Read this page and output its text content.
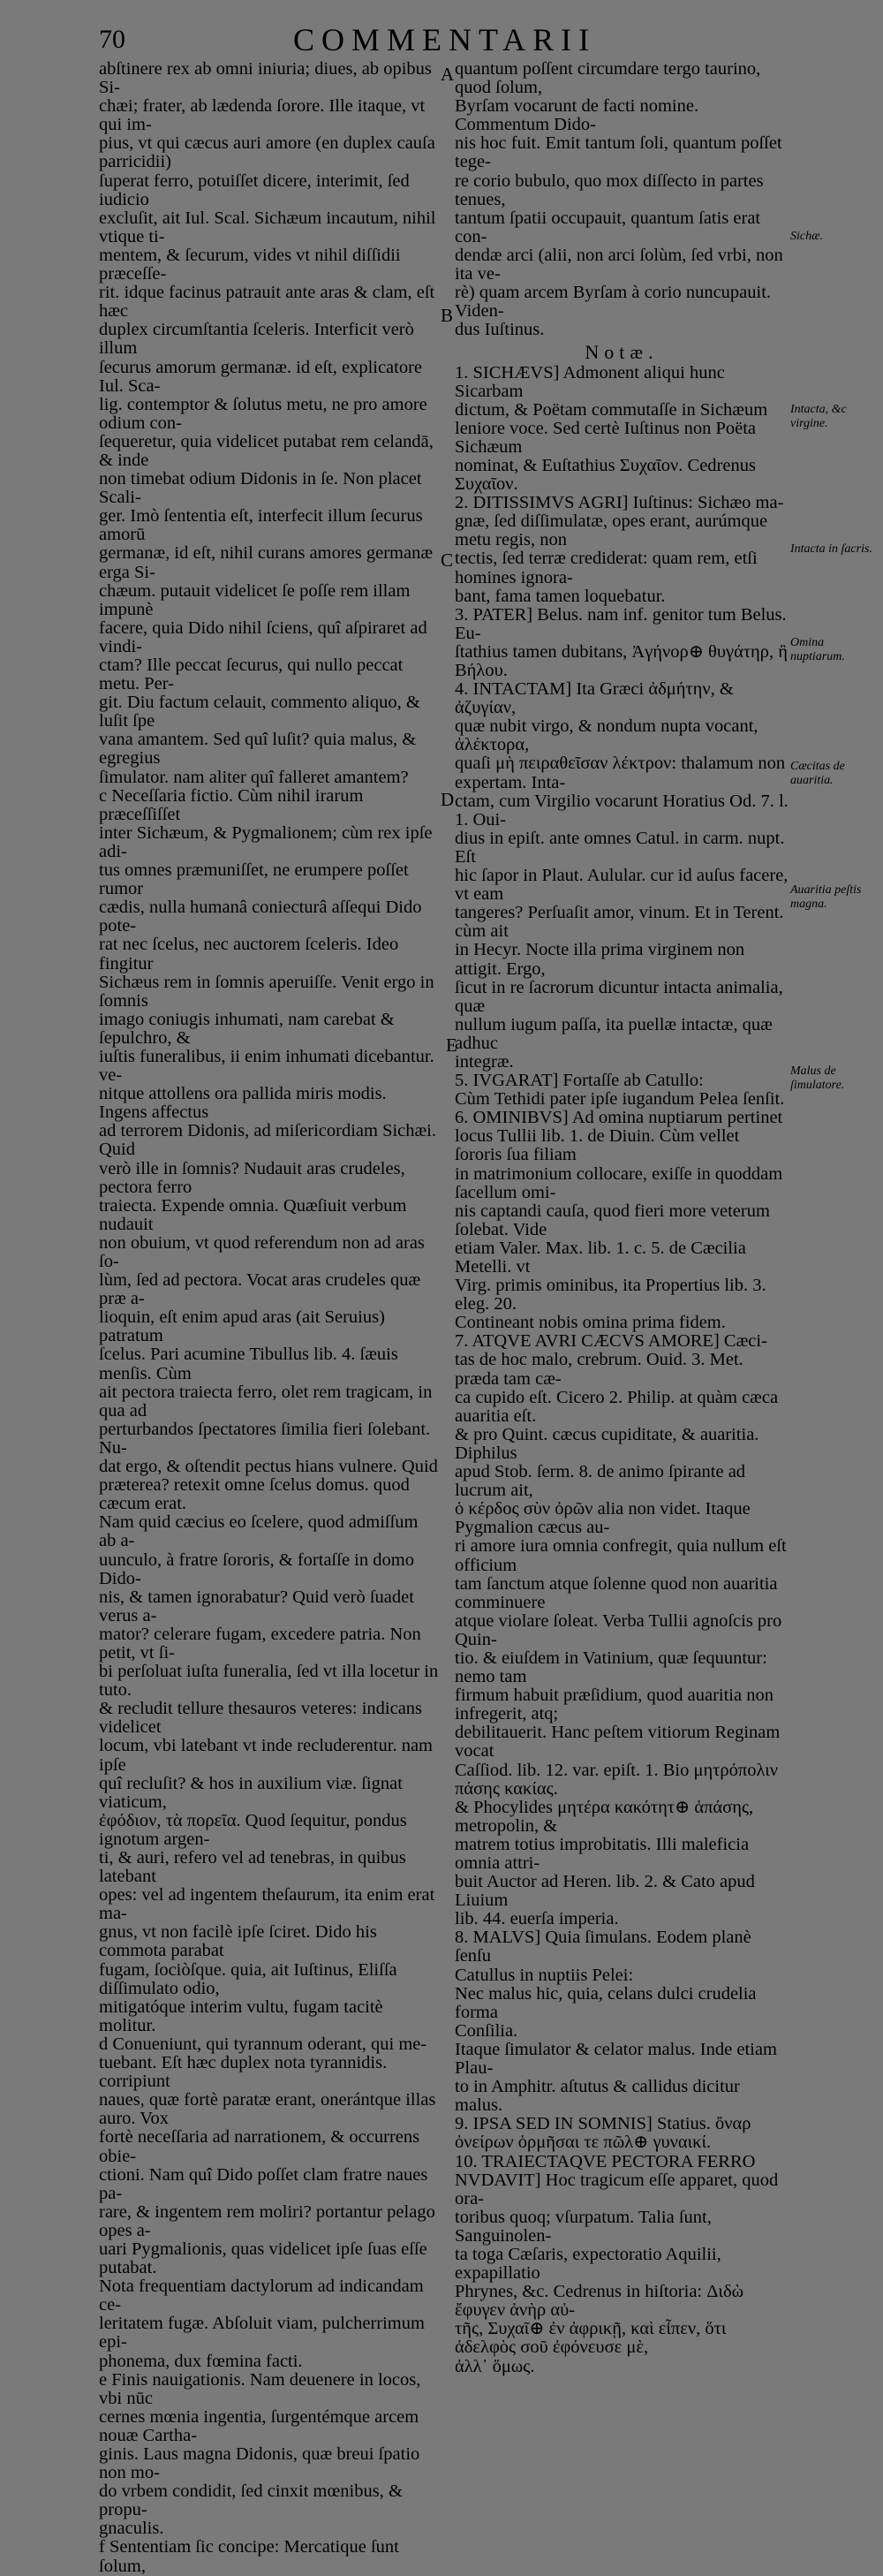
70	COMMENTARII

abſtinere rex ab omni iniuria; diues, ab opibus Si-

chæi; frater, ab lædenda ſorore. Ille itaque, vt qui im-

pius, vt qui cæcus auri amore (en duplex cauſa parricidii)

ſuperat ferro, potuiſſet dicere, interimit, ſed iudicio

excluſit, ait Iul. Scal. Sichæum incautum, nihil vtique ti-

mentem, & ſecurum, vides vt nihil diſſidii præceſſe-

rit. idque facinus patrauit ante aras & clam, eſt hæc

duplex circumſtantia ſceleris. Interficit verò illum

ſecurus amorum germanæ. id eſt, explicatore Iul. Sca-

lig. contemptor & ſolutus metu, ne pro amore odium con-

ſequeretur, quia videlicet putabat rem celandā, & inde

non timebat odium Didonis in ſe. Non placet Scali-

ger. Imò ſententia eſt, interfecit illum ſecurus amorū

germanæ, id eſt, nihil curans amores germanæ erga Si-

chæum. putauit videlicet ſe poſſe rem illam impunè

facere, quia Dido nihil ſciens, quî aſpiraret ad vindi-

ctam? Ille peccat ſecurus, qui nullo peccat metu. Per-

git. Diu factum celauit, commento aliquo, & luſit ſpe

vana amantem. Sed quî luſit? quia malus, & egregius

ſimulator. nam aliter quî falleret amantem?

c Neceſſaria fictio. Cùm nihil irarum præceſſiſſet

inter Sichæum, & Pygmalionem; cùm rex ipſe adi-

tus omnes præmuniſſet, ne erumpere poſſet rumor

cædis, nulla humanâ coniecturâ aſſequi Dido pote-

rat nec ſcelus, nec auctorem ſceleris. Ideo fingitur

Sichæus rem in ſomnis aperuiſſe. Venit ergo in ſomnis

imago coniugis inhumati, nam carebat & ſepulchro, &

iuſtis funeralibus, ii enim inhumati dicebantur. ve-

nitque attollens ora pallida miris modis. Ingens affectus

ad terrorem Didonis, ad miſericordiam Sichæi. Quid

verò ille in ſomnis? Nudauit aras crudeles, pectora ferro

traiecta. Expende omnia. Quæſiuit verbum nudauit

non obuium, vt quod referendum non ad aras ſo-

lùm, ſed ad pectora. Vocat aras crudeles quæ præ a-

lioquin, eſt enim apud aras (ait Seruius) patratum

ſcelus. Pari acumine Tibullus lib. 4. ſæuis menſis. Cùm

ait pectora traiecta ferro, olet rem tragicam, in qua ad

perturbandos ſpectatores ſimilia fieri ſolebant. Nu-

dat ergo, & oſtendit pectus hians vulnere. Quid

præterea? retexit omne ſcelus domus. quod cæcum erat.

Nam quid cæcius eo ſcelere, quod admiſſum ab a-

uunculo, à fratre ſororis, & fortaſſe in domo Dido-

nis, & tamen ignorabatur? Quid verò ſuadet verus a-

mator? celerare fugam, excedere patria. Non petit, vt ſi-

bi perſoluat iuſta funeralia, ſed vt illa locetur in tuto.

& recludit tellure thesauros veteres: indicans videlicet

locum, vbi latebant vt inde recluderentur. nam ipſe

quî recluſit? & hos in auxilium viæ. ſignat viaticum,

ἐφόδιον, τὰ πορεῖα. Quod ſequitur, pondus ignotum argen-

ti, & auri, refero vel ad tenebras, in quibus latebant

opes: vel ad ingentem theſaurum, ita enim erat ma-

gnus, vt non facilè ipſe ſciret. Dido his commota parabat

fugam, ſociòſque. quia, ait Iuſtinus, Eliſſa diſſimulato odio,

mitigatóque interim vultu, fugam tacitè molitur.

d Conueniunt, qui tyrannum oderant, qui me-

tuebant. Eſt hæc duplex nota tyrannidis. corripiunt

naues, quæ fortè paratæ erant, onerántque illas auro. Vox

fortè neceſſaria ad narrationem, & occurrens obie-

ctioni. Nam quî Dido poſſet clam fratre naues pa-

rare, & ingentem rem moliri? portantur pelago opes a-

uari Pygmalionis, quas videlicet ipſe ſuas eſſe putabat.

Nota frequentiam dactylorum ad indicandam ce-

leritatem fugæ. Abſoluit viam, pulcherrimum epi-

phonema, dux fœmina facti.

e Finis nauigationis. Nam deuenere in locos, vbi nūc

cernes mœnia ingentia, ſurgentémque arcem nouæ Cartha-

ginis. Laus magna Didonis, quæ breui ſpatio non mo-

do vrbem condidit, ſed cinxit mœnibus, & propu-

gnaculis.

f Sententiam ſic concipe: Mercatique ſunt ſolum,

A
B
C
D
E

quantum poſſent circumdare tergo taurino, quod ſolum,

Byrſam vocarunt de facti nomine. Commentum Dido-

nis hoc fuit. Emit tantum ſoli, quantum poſſet tege-

re corio bubulo, quo mox diſſecto in partes tenues,

tantum ſpatii occupauit, quantum ſatis erat con-

dendæ arci (alii, non arci ſolùm, ſed vrbi, non ita ve-

rè) quam arcem Byrſam à corio nuncupauit. Viden-

dus Iuſtinus.

Notæ.

1. SICHÆVS] Admonent aliqui hunc Sicarbam

dictum, & Poëtam commutaſſe in Sichæum

leniore voce. Sed certè Iuſtinus non Poëta Sichæum

nominat, & Euſtathius Συχαῖον. Cedrenus Συχαῖον.

2. DITISSIMVS AGRI] Iuſtinus: Sichæo ma-

gnæ, ſed diſſimulatæ, opes erant, aurúmque metu regis, non

tectis, ſed terræ crediderat: quam rem, etſi homines ignora-

bant, fama tamen loquebatur.

3. PATER] Belus. nam inf. genitor tum Belus. Eu-

ſtathius tamen dubitans, Ἀγήνορ⊕ θυγάτηρ, ἢ Βήλου.

4. INTACTAM] Ita Græci ἀδμήτην, & ἀζυγίαν,

quæ nubit virgo, & nondum nupta vocant, ἀλέκτορα,

quaſi μὴ πειραθεῖσαν λέκτρον: thalamum non expertam. Inta-

ctam, cum Virgilio vocarunt Horatius Od. 7. l. 1. Oui-

dius in epiſt. ante omnes Catul. in carm. nupt. Eſt

hic ſapor in Plaut. Aulular. cur id auſus facere, vt eam

tangeres? Perſuaſit amor, vinum. Et in Terent. cùm ait

in Hecyr. Nocte illa prima virginem non attigit. Ergo,

ſicut in re ſacrorum dicuntur intacta animalia, quæ

nullum iugum paſſa, ita puellæ intactæ, quæ adhuc

integræ.

5. IVGARAT] Fortaſſe ab Catullo:

Cùm Tethidi pater ipſe iugandum Pelea ſenſit.

6. OMINIBVS] Ad omina nuptiarum pertinet

locus Tullii lib. 1. de Diuin. Cùm vellet ſororis ſua filiam

in matrimonium collocare, exiſſe in quoddam ſacellum omi-

nis captandi cauſa, quod fieri more veterum ſolebat. Vide

etiam Valer. Max. lib. 1. c. 5. de Cæcilia Metelli. vt

Virg. primis ominibus, ita Propertius lib. 3. eleg. 20.

Contineant nobis omina prima fidem.

7. ATQVE AVRI CÆCVS AMORE] Cæci-

tas de hoc malo, crebrum. Ouid. 3. Met. præda tam cæ-

ca cupido eſt. Cicero 2. Philip. at quàm cæca auaritia eſt.

& pro Quint. cæcus cupiditate, & auaritia. Diphilus

apud Stob. ſerm. 8. de animo ſpirante ad lucrum ait,

ὁ κέρδος σὺν ὀρῶν alia non videt. Itaque Pygmalion cæcus au-

ri amore iura omnia confregit, quia nullum eſt officium

tam ſanctum atque ſolenne quod non auaritia comminuere

atque violare ſoleat. Verba Tullii agnoſcis pro Quin-

tio. & eiuſdem in Vatinium, quæ ſequuntur: nemo tam

firmum habuit præſidium, quod auaritia non infregerit, atq;

debilitauerit. Hanc peſtem vitiorum Reginam vocat

Caſſiod. lib. 12. var. epiſt. 1. Bio μητρόπολιν πάσης κακίας.

& Phocylides μητέρα κακότητ⊕ ἁπάσης, metropolin, &

matrem totius improbitatis. Illi maleficia omnia attri-

buit Auctor ad Heren. lib. 2. & Cato apud Liuium

lib. 44. euerſa imperia.

8. MALVS] Quia ſimulans. Eodem planè ſenſu

Catullus in nuptiis Pelei:

Nec malus hic, quia, celans dulci crudelia forma

Conſilia.

Itaque ſimulator & celator malus. Inde etiam Plau-

to in Amphitr. aſtutus & callidus dicitur malus.

9. IPSA SED IN SOMNIS] Statius. ὄναρ

ὀνείρων ὁρμῆσαι τε πῶλ⊕ γυναικί.

10. TRAIECTAQVE PECTORA FERRO

NVDAVIT] Hoc tragicum eſſe apparet, quod ora-

toribus quoq; vſurpatum. Talia ſunt, Sanguinolen-

ta toga Cæſaris, expectoratio Aquilii, expapillatio

Phrynes, &c. Cedrenus in hiſtoria: Διδὼ ἔφυγεν ἀνὴρ αὐ-

τῆς, Συχαῖ⊕ ἐν ἀφρικῇ, καὶ εἶπεν, ὅτι ἀδελφὸς σοῦ ἐφόνευσε μὲ,

ἀλλ᾽ ὅμως.

Sichæ.
Intacta, &c virgine.
Intacta in ſacris.
Omina nuptiarum.
Cæcitas de auaritia.
Auaritia peſtis magna.
Malus de ſimulatore.
